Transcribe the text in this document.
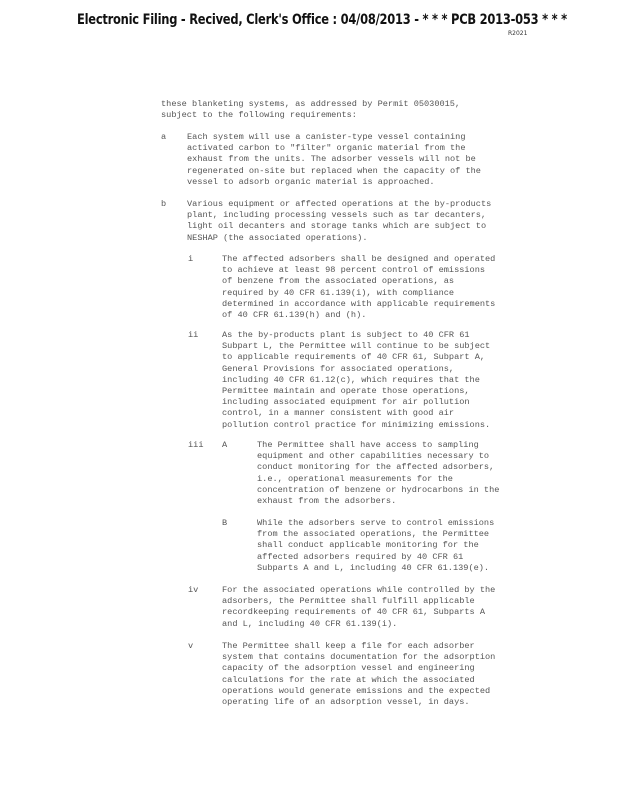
Electronic Filing - Recived, Clerk's Office : 04/08/2013 - * * * PCB 2013-053 * * *
R2021
these blanketing systems, as addressed by Permit 05030015,
subject to the following requirements:
a Each system will use a canister-type vessel containing
activated carbon to "filter" organic material from the
exhaust from the units. The adsorber vessels will not be
regenerated on-site but replaced when the capacity of the
vessel to adsorb organic material is approached.
b Various equipment or affected operations at the by-products
plant, including processing vessels such as tar decanters,
light oil decanters and storage tanks which are subject to
NESHAP (the associated operations).
i	The affected adsorbers shall be designed and operated
to achieve at least 98 percent control of emissions
of benzene from the associated operations, as
required by 40 CFR 61.139(i), with compliance
determined in accordance with applicable requirements
of 40 CFR 61.139(h) and (h).
ii	As the by-products plant is subject to 40 CFR 61
Subpart L, the Permittee will continue to be subject
to applicable requirements of 40 CFR 61, Subpart A,
General Provisions for associated operations,
including 40 CFR 61.12(c), which requires that the
Permittee maintain and operate those operations,
including associated equipment for air pollution
control, in a manner consistent with good air
pollution control practice for minimizing emissions.
iii A	The Permittee shall have access to sampling
equipment and other capabilities necessary to
conduct monitoring for the affected adsorbers,
i.e., operational measurements for the
concentration of benzene or hydrocarbons in the
exhaust from the adsorbers.
B	While the adsorbers serve to control emissions
from the associated operations, the Permittee
shall conduct applicable monitoring for the
affected adsorbers required by 40 CFR 61
Subparts A and L, including 40 CFR 61.139(e).
iv	For the associated operations while controlled by the
adsorbers, the Permittee shall fulfill applicable
recordkeeping requirements of 40 CFR 61, Subparts A
and L, including 40 CFR 61.139(i).
v	The Permittee shall keep a file for each adsorber
system that contains documentation for the adsorption
capacity of the adsorption vessel and engineering
calculations for the rate at which the associated
operations would generate emissions and the expected
operating life of an adsorption vessel, in days.
